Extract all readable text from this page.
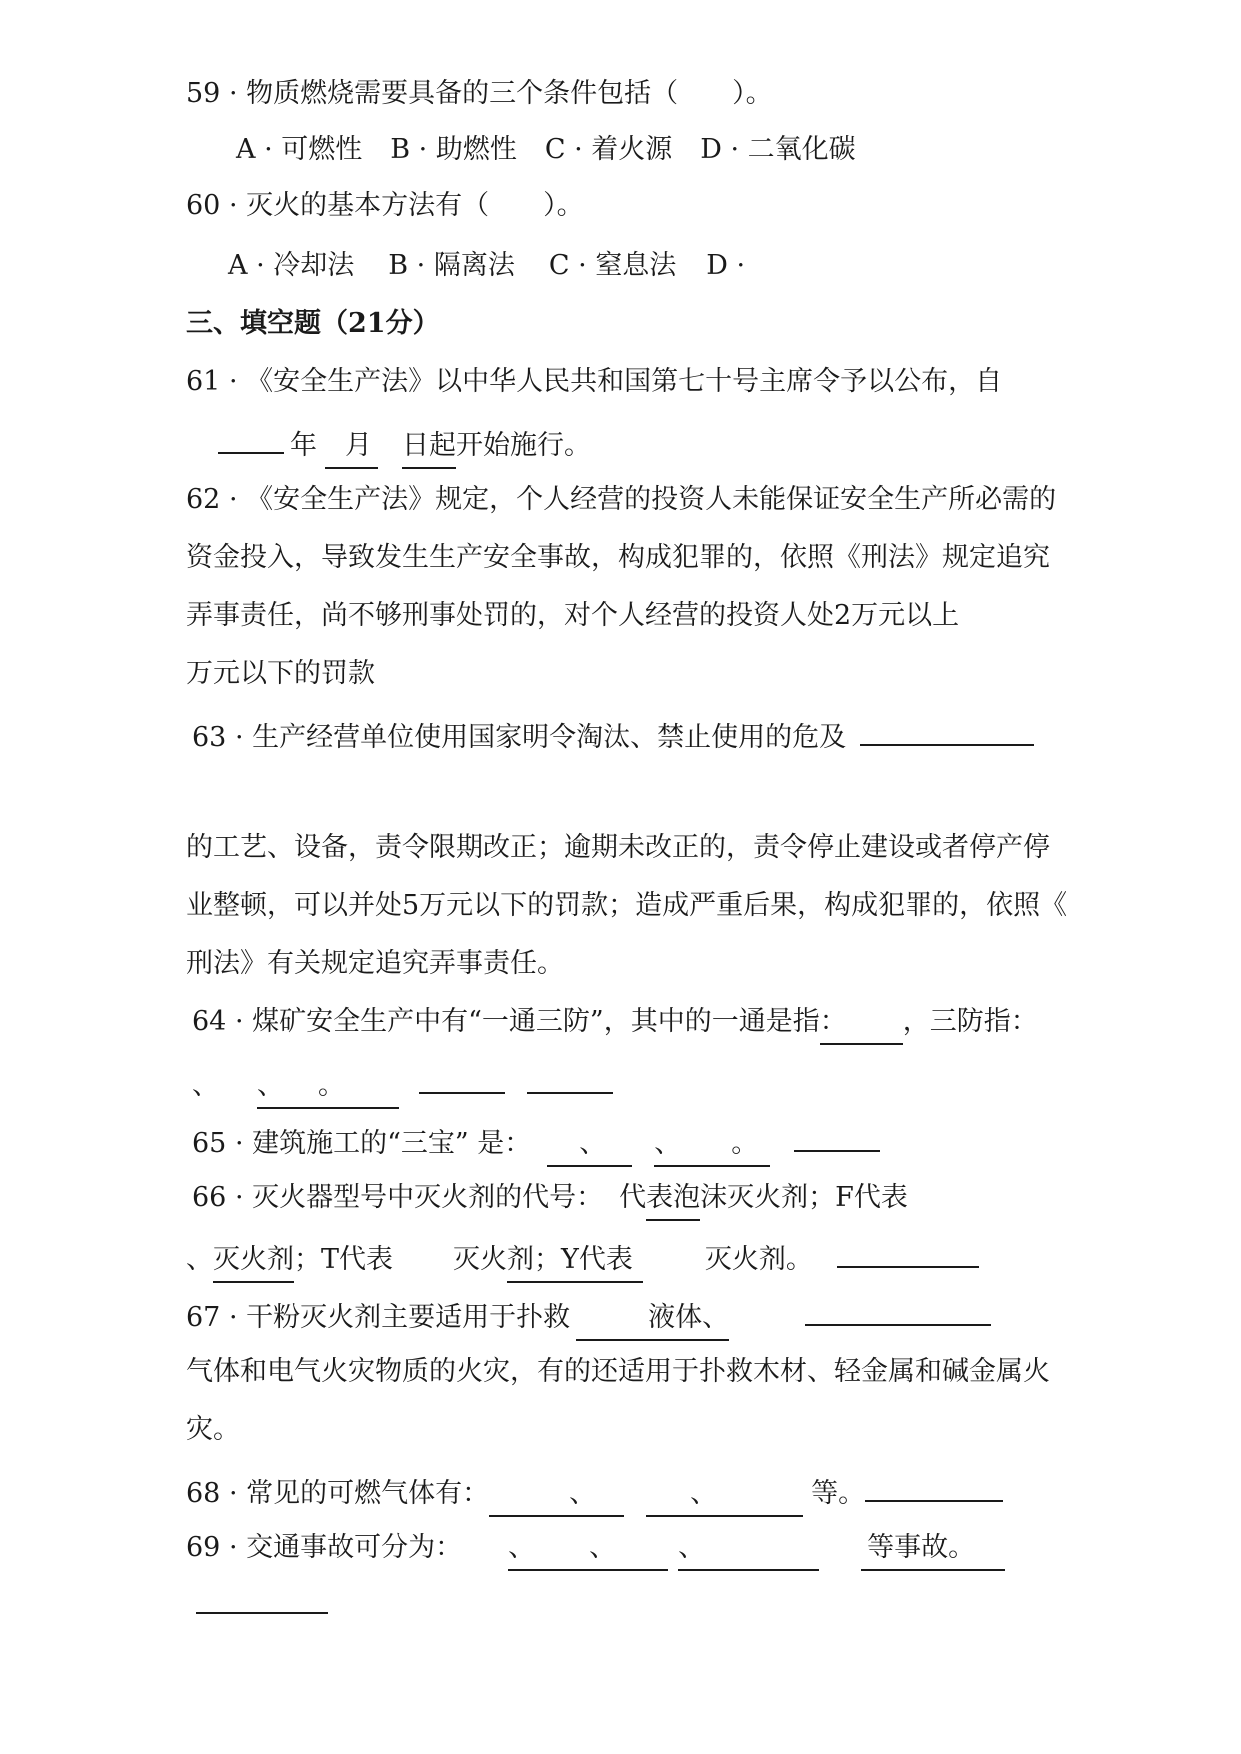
59 · 物质燃烧需要具备的三个条件包括（　　）。
A · 可燃性 B · 助燃性 C · 着火源 D · 二氧化碳
60 · 灭火的基本方法有（　　）。
A · 冷却法 B · 隔离法 C · 窒息法 D ·
三、填空题（21分）
61 · 《安全生产法》以中华人民共和国第七十号主席令予以公布，自
年 月 日起开始施行。
62 · 《安全生产法》规定，个人经营的投资人未能保证安全生产所必需的
资金投入，导致发生生产安全事故，构成犯罪的，依照《刑法》规定追究
弄事责任，尚不够刑事处罚的，对个人经营的投资人处2万元以上
万元以下的罚款
63 · 生产经营单位使用国家明令淘汰、禁止使用的危及
的工艺、设备，责令限期改正；逾期未改正的，责令停止建设或者停产停
业整顿，可以并处5万元以下的罚款；造成严重后果，构成犯罪的，依照《
刑法》有关规定追究弄事责任。
64 · 煤矿安全生产中有“一通三防”，其中的一通是指： ，三防指：
、 、 。
65 · 建筑施工的“三宝” 是： 、 、 。
66 · 灭火器型号中灭火剂的代号： 代表泡沫灭火剂；F代表
、灭火剂；T代表 灭火剂；Y代表	灭火剂。
67 · 干粉灭火剂主要适用于扑救	液体、
气体和电气火灾物质的火灾，有的还适用于扑救木材、轻金属和碱金属火
灾。
68 · 常见的可燃气体有：	、	、	等。
69 · 交通事故可分为： 、 、 、	等事故。
